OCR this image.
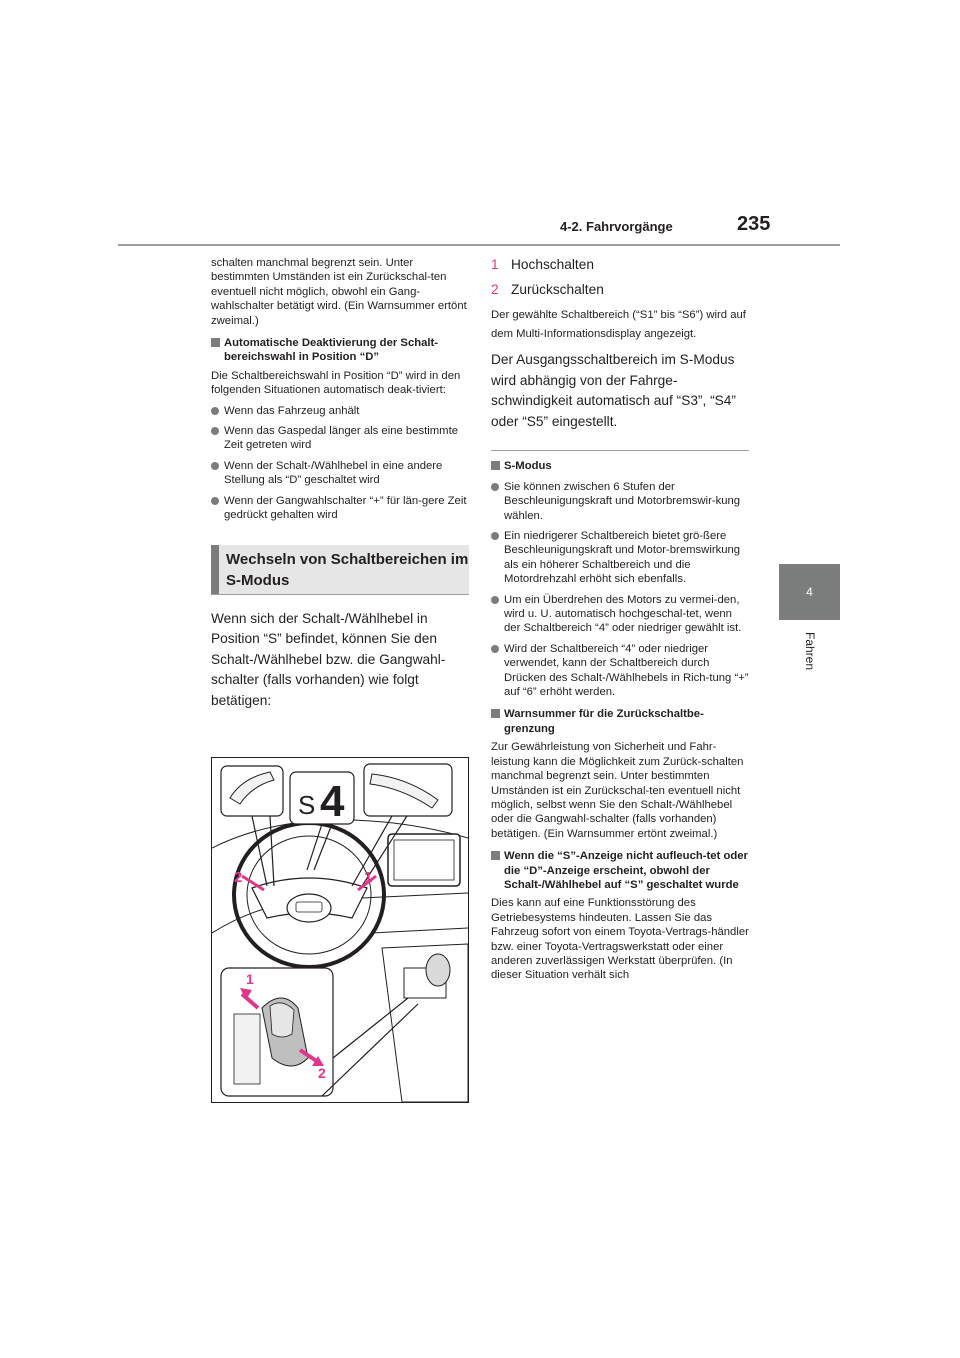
4-2. Fahrvorgänge	235
4
Fahren

schalten manchmal begrenzt sein. Unter bestimmten Umständen ist ein Zurückschal-ten eventuell nicht möglich, obwohl ein Gang-wahlschalter betätigt wird. (Ein Warnsummer ertönt zweimal.)

Automatische Deaktivierung der Schalt-bereichswahl in Position “D”

Die Schaltbereichswahl in Position “D” wird in den folgenden Situationen automatisch deak-tiviert:

Wenn das Fahrzeug anhält
Wenn das Gaspedal länger als eine bestimmte Zeit getreten wird
Wenn der Schalt-/Wählhebel in eine andere Stellung als “D” geschaltet wird
Wenn der Gangwahlschalter “+” für län-gere Zeit gedrückt gehalten wird
Wechseln von Schaltbereichen im S-Modus

Wenn sich der Schalt-/Wählhebel in Position “S” befindet, können Sie den Schalt-/Wählhebel bzw. die Gangwahl-schalter (falls vorhanden) wie folgt betätigen:

S 4
2	1
1
2
1 Hochschalten
2 Zurückschalten

Der gewählte Schaltbereich (“S1” bis “S6”) wird auf dem Multi-Informationsdisplay angezeigt.

Der Ausgangsschaltbereich im S-Modus wird abhängig von der Fahrge-schwindigkeit automatisch auf “S3”, “S4” oder “S5” eingestellt.

S-Modus
Sie können zwischen 6 Stufen der Beschleunigungskraft und Motorbremswir-kung wählen.
Ein niedrigerer Schaltbereich bietet grö-ßere Beschleunigungskraft und Motor-bremswirkung als ein höherer Schaltbereich und die Motordrehzahl erhöht sich ebenfalls.
Um ein Überdrehen des Motors zu vermei-den, wird u. U. automatisch hochgeschal-tet, wenn der Schaltbereich “4” oder niedriger gewählt ist.
Wird der Schaltbereich “4” oder niedriger verwendet, kann der Schaltbereich durch Drücken des Schalt-/Wählhebels in Rich-tung “+” auf “6” erhöht werden.
Warnsummer für die Zurückschaltbe-grenzung

Zur Gewährleistung von Sicherheit und Fahr-leistung kann die Möglichkeit zum Zurück-schalten manchmal begrenzt sein. Unter bestimmten Umständen ist ein Zurückschal-ten eventuell nicht möglich, selbst wenn Sie den Schalt-/Wählhebel oder die Gangwahl-schalter (falls vorhanden) betätigen. (Ein Warnsummer ertönt zweimal.)

Wenn die “S”-Anzeige nicht aufleuch-tet oder die “D”-Anzeige erscheint, obwohl der Schalt-/Wählhebel auf “S” geschaltet wurde

Dies kann auf eine Funktionsstörung des Getriebesystems hindeuten. Lassen Sie das Fahrzeug sofort von einem Toyota-Vertrags-händler bzw. einer Toyota-Vertragswerkstatt oder einer anderen zuverlässigen Werkstatt überprüfen. (In dieser Situation verhält sich
